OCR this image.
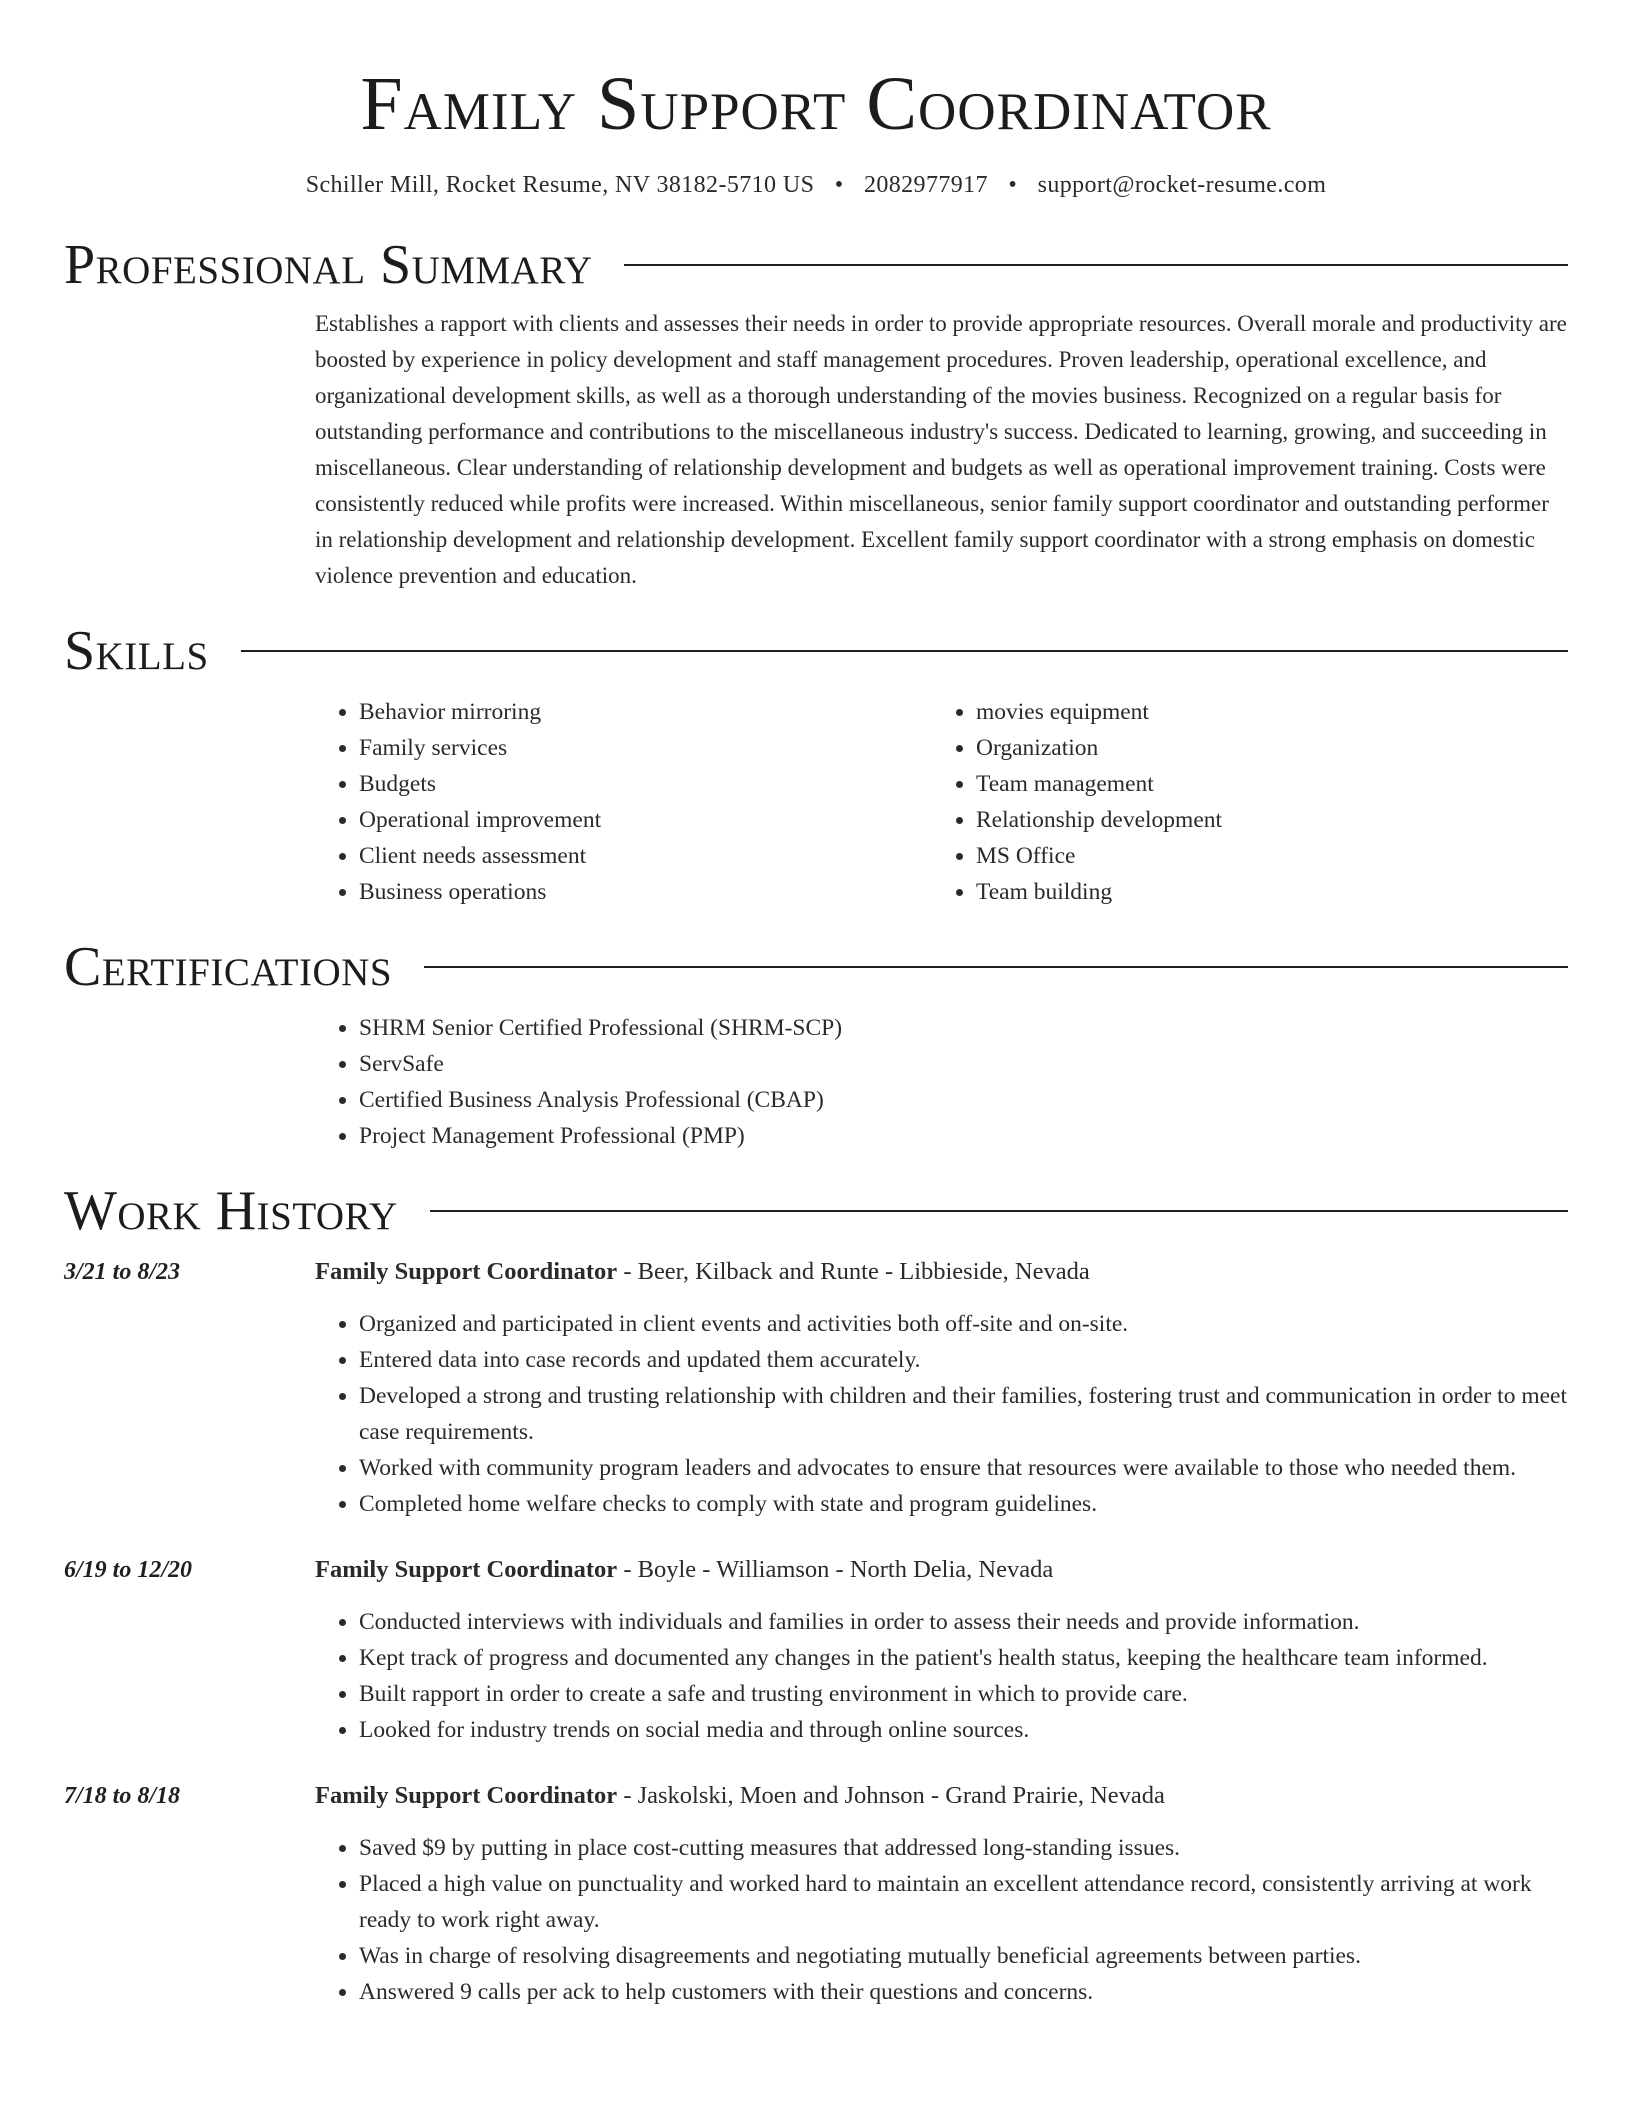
Family Support Coordinator
Schiller Mill, Rocket Resume, NV 38182-5710 US • 2082977917 • support@rocket-resume.com
Professional Summary
Establishes a rapport with clients and assesses their needs in order to provide appropriate resources. Overall morale and productivity are boosted by experience in policy development and staff management procedures. Proven leadership, operational excellence, and organizational development skills, as well as a thorough understanding of the movies business. Recognized on a regular basis for outstanding performance and contributions to the miscellaneous industry's success. Dedicated to learning, growing, and succeeding in miscellaneous. Clear understanding of relationship development and budgets as well as operational improvement training. Costs were consistently reduced while profits were increased. Within miscellaneous, senior family support coordinator and outstanding performer in relationship development and relationship development. Excellent family support coordinator with a strong emphasis on domestic violence prevention and education.
Skills
• Behavior mirroring
• Family services
• Budgets
• Operational improvement
• Client needs assessment
• Business operations
• movies equipment
• Organization
• Team management
• Relationship development
• MS Office
• Team building
Certifications
• SHRM Senior Certified Professional (SHRM-SCP)
• ServSafe
• Certified Business Analysis Professional (CBAP)
• Project Management Professional (PMP)
Work History
3/21 to 8/23	Family Support Coordinator - Beer, Kilback and Runte - Libbieside, Nevada
• Organized and participated in client events and activities both off-site and on-site.
• Entered data into case records and updated them accurately.
• Developed a strong and trusting relationship with children and their families, fostering trust and communication in order to meet case requirements.
• Worked with community program leaders and advocates to ensure that resources were available to those who needed them.
• Completed home welfare checks to comply with state and program guidelines.
6/19 to 12/20	Family Support Coordinator - Boyle - Williamson - North Delia, Nevada
• Conducted interviews with individuals and families in order to assess their needs and provide information.
• Kept track of progress and documented any changes in the patient's health status, keeping the healthcare team informed.
• Built rapport in order to create a safe and trusting environment in which to provide care.
• Looked for industry trends on social media and through online sources.
7/18 to 8/18	Family Support Coordinator - Jaskolski, Moen and Johnson - Grand Prairie, Nevada
• Saved $9 by putting in place cost-cutting measures that addressed long-standing issues.
• Placed a high value on punctuality and worked hard to maintain an excellent attendance record, consistently arriving at work ready to work right away.
• Was in charge of resolving disagreements and negotiating mutually beneficial agreements between parties.
• Answered 9 calls per ack to help customers with their questions and concerns.
